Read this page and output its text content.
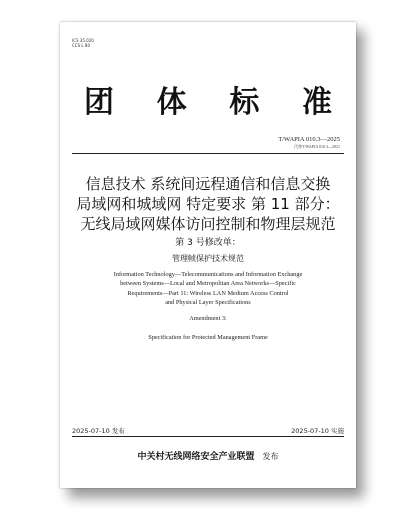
ICS 35.020
CCS L 80
团 体 标 准
T/WAPIA 010.3—2025
代替T/WAPIA 010.3—2021
信息技术 系统间远程通信和信息交换
局域网和城域网 特定要求 第 11 部分：
无线局域网媒体访问控制和物理层规范
第 3 号修改单：
管理帧保护技术规范
Information Technology—Telecommunications and Information Exchange
between Systems—Local and Metropolitan Area Networks—Specific
Requirements—Part 11: Wireless LAN Medium Access Control
and Physical Layer Specifications
Amendment 3:
Specification for Protected Management Frame
2025-07-10 发布	2025-07-10 实施
中关村无线网络安全产业联盟 发布
